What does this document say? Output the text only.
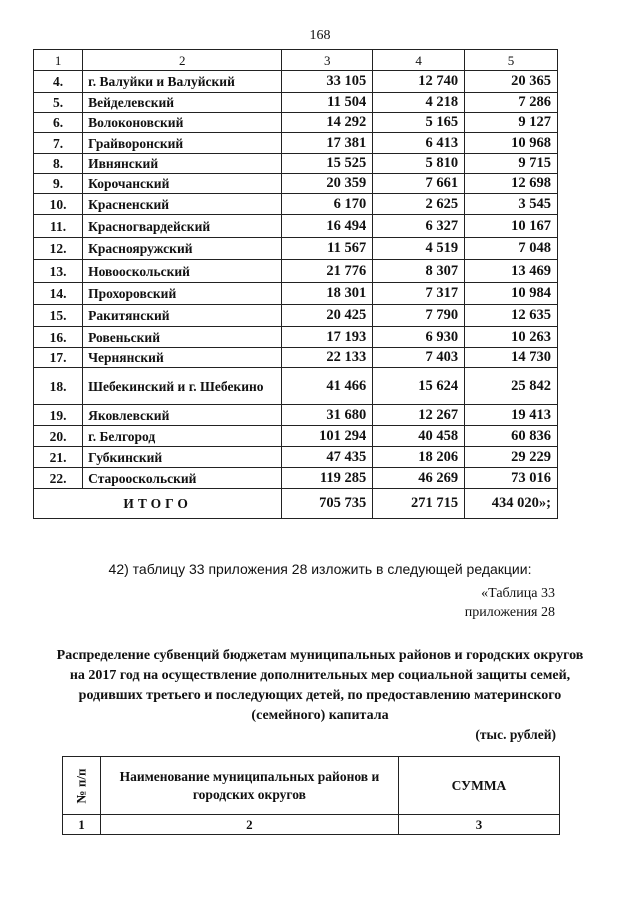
168
1	2	3	4	5
4.	г. Валуйки и Валуйский	33 105	12 740	20 365
5.	Вейделевский	11 504	4 218	7 286
6.	Волоконовский	14 292	5 165	9 127
7.	Грайворонский	17 381	6 413	10 968
8.	Ивнянский	15 525	5 810	9 715
9.	Корочанский	20 359	7 661	12 698
10.	Красненский	6 170	2 625	3 545
11.	Красногвардейский	16 494	6 327	10 167
12.	Краснояружский	11 567	4 519	7 048
13.	Новооскольский	21 776	8 307	13 469
14.	Прохоровский	18 301	7 317	10 984
15.	Ракитянский	20 425	7 790	12 635
16.	Ровеньский	17 193	6 930	10 263
17.	Чернянский	22 133	7 403	14 730
18.	Шебекинский и г. Шебекино	41 466	15 624	25 842
19.	Яковлевский	31 680	12 267	19 413
20.	г. Белгород	101 294	40 458	60 836
21.	Губкинский	47 435	18 206	29 229
22.	Старооскольский	119 285	46 269	73 016
ИТОГО		705 735	271 715	434 020»;
42) таблицу 33 приложения 28 изложить в следующей редакции:
«Таблица 33
приложения 28
Распределение субвенций бюджетам муниципальных районов и городских округов на 2017 год на осуществление дополнительных мер социальной защиты семей, родивших третьего и последующих детей, по предоставлению материнского (семейного) капитала
(тыс. рублей)
№ п/п	Наименование муниципальных районов и городских округов	СУММА
1	2	3
